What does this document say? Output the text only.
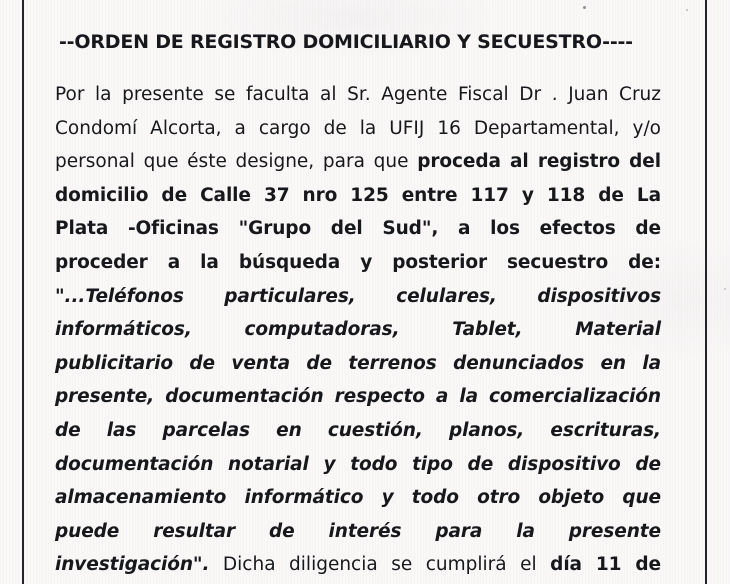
--ORDEN DE REGISTRO DOMICILIARIO Y SECUESTRO----
Por la presente se faculta al Sr. Agente Fiscal Dr . Juan Cruz
Condomí Alcorta, a cargo de la UFIJ 16 Departamental, y/o
personal que éste designe, para que proceda al registro del
domicilio de Calle 37 nro 125 entre 117 y 118 de La
Plata -Oficinas "Grupo del Sud", a los efectos de
proceder a la búsqueda y posterior secuestro de:
"...Teléfonos particulares, celulares, dispositivos
informáticos, computadoras, Tablet, Material
publicitario de venta de terrenos denunciados en la
presente, documentación respecto a la comercialización
de las parcelas en cuestión, planos, escrituras,
documentación notarial y todo tipo de dispositivo de
almacenamiento informático y todo otro objeto que
puede resultar de interés para la presente
investigación". Dicha diligencia se cumplirá el día 11 de
